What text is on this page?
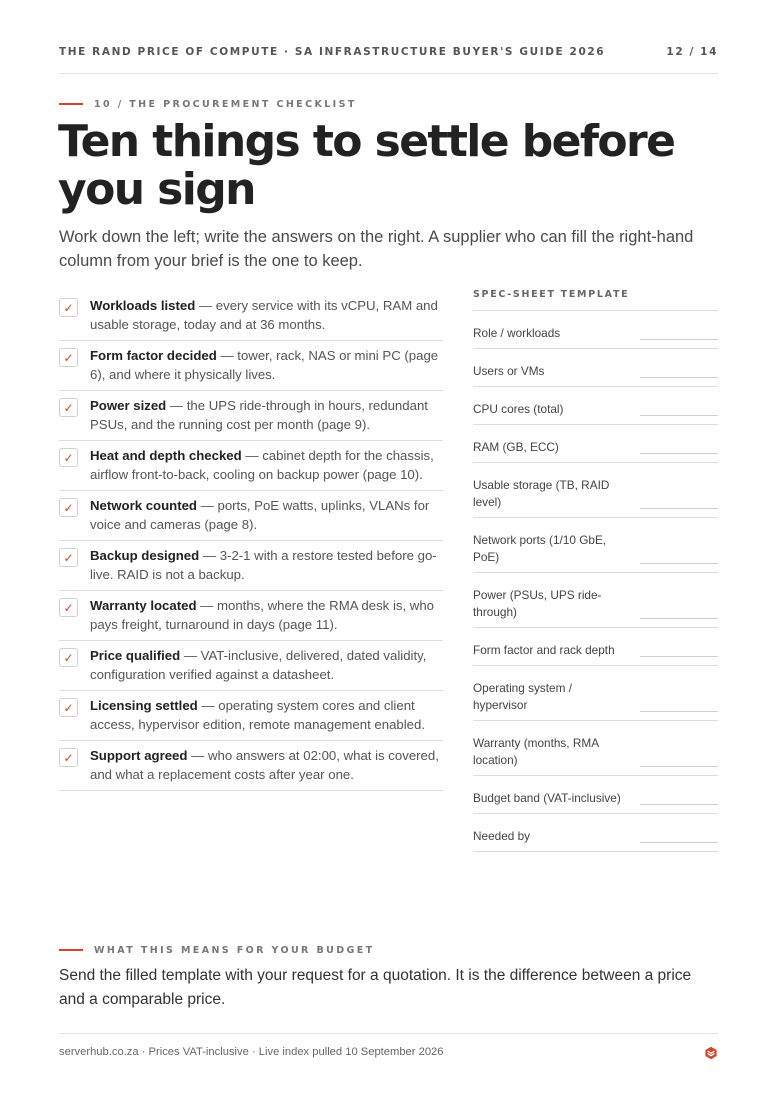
THE RAND PRICE OF COMPUTE · SA INFRASTRUCTURE BUYER'S GUIDE 2026	12 / 14
10 / THE PROCUREMENT CHECKLIST
Ten things to settle before you sign

Work down the left; write the answers on the right. A supplier who can fill the right-hand column from your brief is the one to keep.

✓	Workloads listed — every service with its vCPU, RAM and usable storage, today and at 36 months.
✓	Form factor decided — tower, rack, NAS or mini PC (page 6), and where it physically lives.
✓	Power sized — the UPS ride-through in hours, redundant PSUs, and the running cost per month (page 9).
✓	Heat and depth checked — cabinet depth for the chassis, airflow front-to-back, cooling on backup power (page 10).
✓	Network counted — ports, PoE watts, uplinks, VLANs for voice and cameras (page 8).
✓	Backup designed — 3-2-1 with a restore tested before go-live. RAID is not a backup.
✓	Warranty located — months, where the RMA desk is, who pays freight, turnaround in days (page 11).
✓	Price qualified — VAT-inclusive, delivered, dated validity, configuration verified against a datasheet.
✓	Licensing settled — operating system cores and client access, hypervisor edition, remote management enabled.
✓	Support agreed — who answers at 02:00, what is covered, and what a replacement costs after year one.
SPEC-SHEET TEMPLATE
Role / workloads
Users or VMs
CPU cores (total)
RAM (GB, ECC)
Usable storage (TB, RAID level)
Network ports (1/10 GbE, PoE)
Power (PSUs, UPS ride-through)
Form factor and rack depth
Operating system / hypervisor
Warranty (months, RMA location)
Budget band (VAT-inclusive)
Needed by
WHAT THIS MEANS FOR YOUR BUDGET

Send the filled template with your request for a quotation. It is the difference between a price and a comparable price.

serverhub.co.za · Prices VAT-inclusive · Live index pulled 10 September 2026
